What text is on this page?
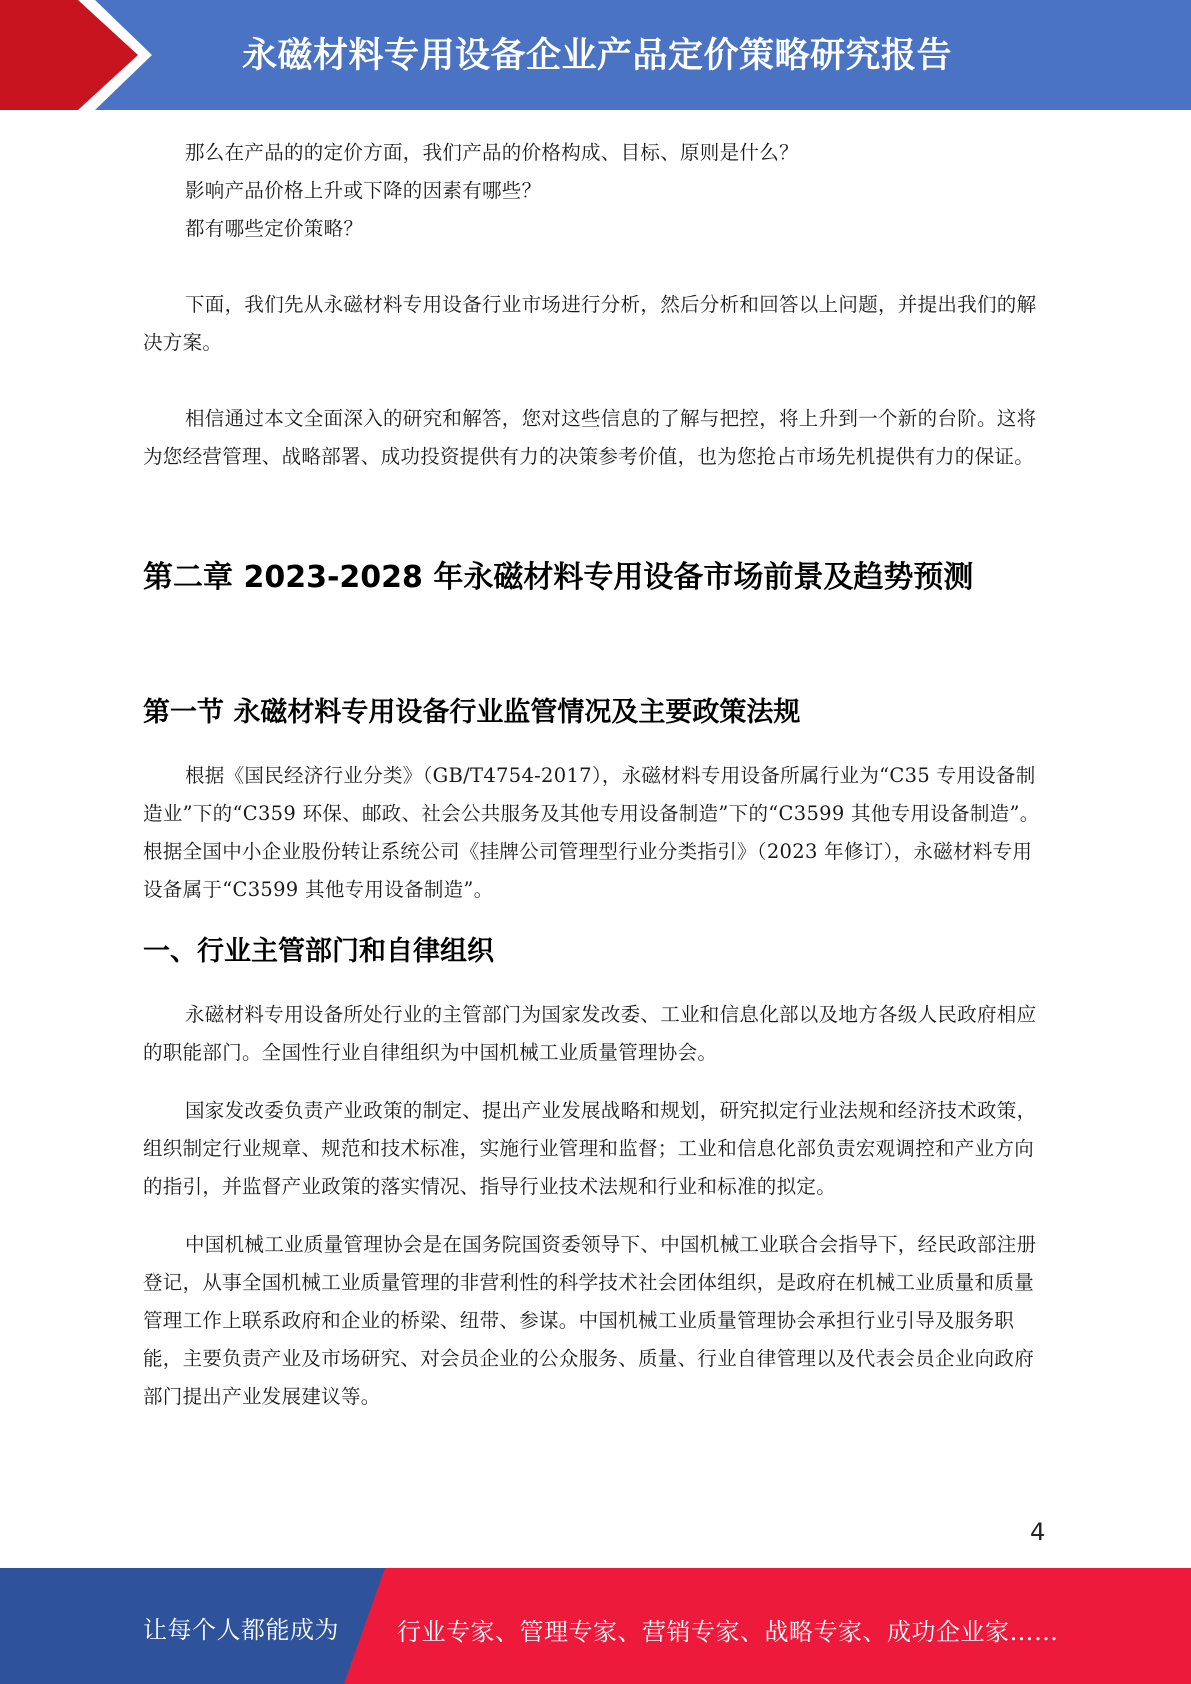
永磁材料专用设备企业产品定价策略研究报告

那么在产品的的定价方面，我们产品的价格构成、目标、原则是什么？

影响产品价格上升或下降的因素有哪些？

都有哪些定价策略？

下面，我们先从永磁材料专用设备行业市场进行分析，然后分析和回答以上问题，并提出我们的解决方案。

相信通过本文全面深入的研究和解答，您对这些信息的了解与把控，将上升到一个新的台阶。这将为您经营管理、战略部署、成功投资提供有力的决策参考价值，也为您抢占市场先机提供有力的保证。

第二章 2023-2028 年永磁材料专用设备市场前景及趋势预测
第一节 永磁材料专用设备行业监管情况及主要政策法规

根据《国民经济行业分类》（GB/T4754-2017），永磁材料专用设备所属行业为“C35 专用设备制造业”下的“C359 环保、邮政、社会公共服务及其他专用设备制造”下的“C3599 其他专用设备制造”。根据全国中小企业股份转让系统公司《挂牌公司管理型行业分类指引》（2023 年修订），永磁材料专用设备属于“C3599 其他专用设备制造”。

一、行业主管部门和自律组织

永磁材料专用设备所处行业的主管部门为国家发改委、工业和信息化部以及地方各级人民政府相应的职能部门。全国性行业自律组织为中国机械工业质量管理协会。

国家发改委负责产业政策的制定、提出产业发展战略和规划，研究拟定行业法规和经济技术政策，组织制定行业规章、规范和技术标准，实施行业管理和监督；工业和信息化部负责宏观调控和产业方向的指引，并监督产业政策的落实情况、指导行业技术法规和行业和标准的拟定。

中国机械工业质量管理协会是在国务院国资委领导下、中国机械工业联合会指导下，经民政部注册登记，从事全国机械工业质量管理的非营利性的科学技术社会团体组织，是政府在机械工业质量和质量管理工作上联系政府和企业的桥梁、纽带、参谋。中国机械工业质量管理协会承担行业引导及服务职能，主要负责产业及市场研究、对会员企业的公众服务、质量、行业自律管理以及代表会员企业向政府部门提出产业发展建议等。

4
让每个人都能成为 行业专家、管理专家、营销专家、战略专家、成功企业家……
